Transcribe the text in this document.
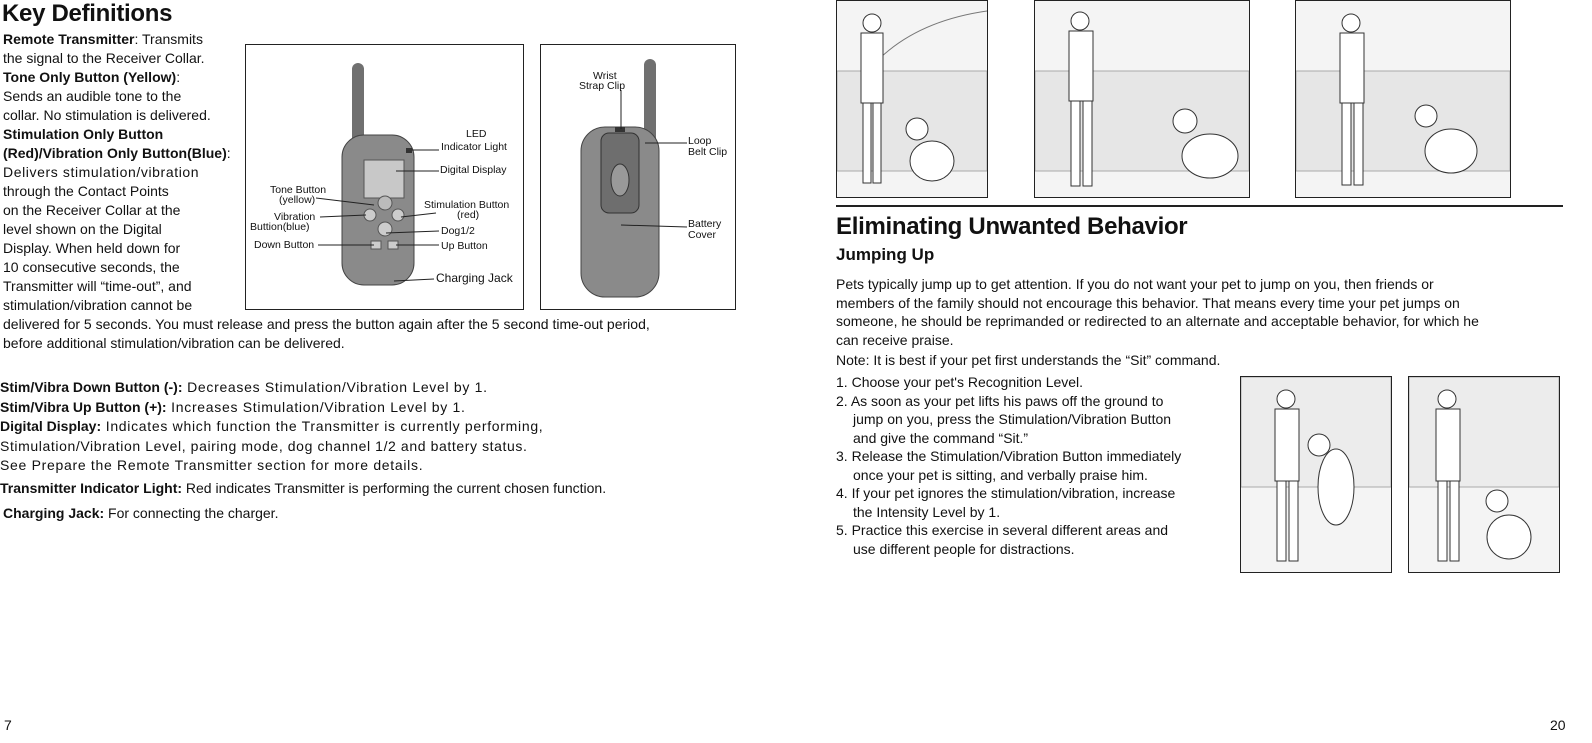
Key Definitions
Remote Transmitter: Transmits
the signal to the Receiver Collar.
Tone Only Button (Yellow):
Sends an audible tone to the
collar. No stimulation is delivered.
Stimulation Only Button
(Red)/Vibration Only Button(Blue):
Delivers stimulation/vibration
through the Contact Points
on the Receiver Collar at the
level shown on the Digital
Display. When held down for
10 consecutive seconds, the
Transmitter will “time-out”, and
stimulation/vibration cannot be
delivered for 5 seconds. You must release and press the button again after the 5 second time-out period,
before additional stimulation/vibration can be delivered.
LED
Indicator Light
Digital Display
Tone Button
(yellow)
Vibration
Buttion(blue)
Down Button
Stimulation Button
(red)
Dog1/2
Up Button
Charging Jack
Wrist
Strap Clip
Loop
Belt Clip
Battery
Cover
Stim/Vibra Down Button (-): Decreases Stimulation/Vibration Level by 1.
Stim/Vibra Up Button (+): Increases Stimulation/Vibration Level by 1.
Digital Display: Indicates which function the Transmitter is currently performing,
Stimulation/Vibration Level, pairing mode, dog channel 1/2 and battery status.
See Prepare the Remote Transmitter section for more details.
Transmitter Indicator Light: Red indicates Transmitter is performing the current chosen function.
Charging Jack: For connecting the charger.
7
Eliminating Unwanted Behavior
Jumping Up
Pets typically jump up to get attention. If you do not want your pet to jump on you, then friends or
members of the family should not encourage this behavior. That means every time your pet jumps on
someone, he should be reprimanded or redirected to an alternate and acceptable behavior, for which he
can receive praise.
Note: It is best if your pet first understands the “Sit” command.
1. Choose your pet's Recognition Level.
2. As soon as your pet lifts his paws off the ground to
jump on you, press the Stimulation/Vibration Button
and give the command “Sit.”
3. Release the Stimulation/Vibration Button immediately
once your pet is sitting, and verbally praise him.
4. If your pet ignores the stimulation/vibration, increase
the Intensity Level by 1.
5. Practice this exercise in several different areas and
use different people for distractions.
20
